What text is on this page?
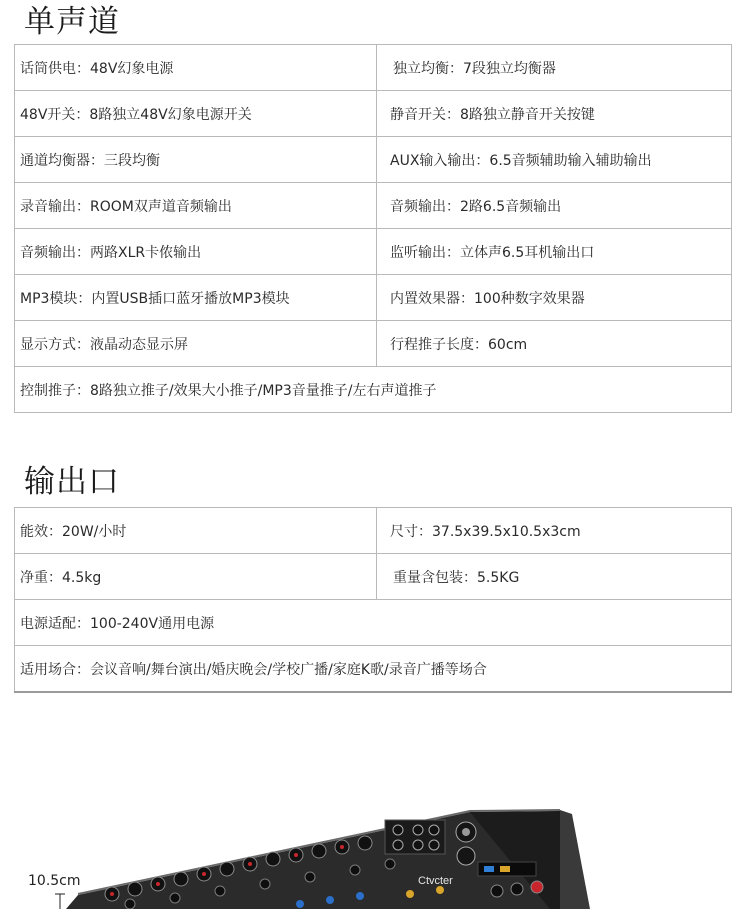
单声道
话筒供电：48V幻象电源	独立均衡：7段独立均衡器
48V开关：8路独立48V幻象电源开关	静音开关：8路独立静音开关按键
通道均衡器：三段均衡	AUX输入输出：6.5音频辅助输入辅助输出
录音输出：ROOM双声道音频输出	音频输出：2路6.5音频输出
音频输出：两路XLR卡侬输出	监听输出：立体声6.5耳机输出口
MP3模块：内置USB插口蓝牙播放MP3模块	内置效果器：100种数字效果器
显示方式：液晶动态显示屏	行程推子长度：60cm
控制推子：8路独立推子/效果大小推子/MP3音量推子/左右声道推子	
输出口
能效：20W/小时	尺寸：37.5x39.5x10.5x3cm
净重：4.5kg	重量含包装：5.5KG
电源适配：100-240V通用电源	
适用场合：会议音响/舞台演出/婚庆晚会/学校广播/家庭K歌/录音广播等场合	
Ctvcter
10.5cm
